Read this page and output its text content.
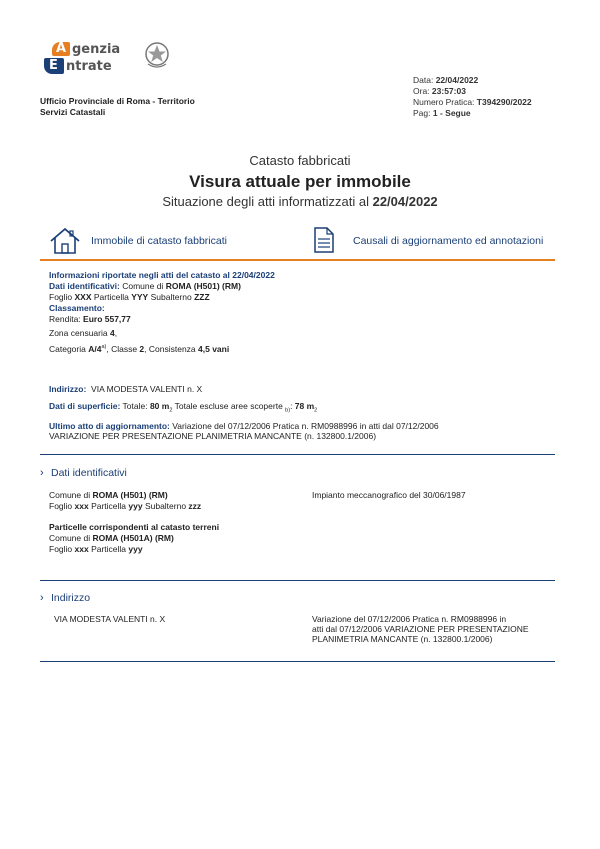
A genzia
E ntrate
Ufficio Provinciale di Roma - Territorio
Servizi Catastali
Data: 22/04/2022
Ora: 23:57:03
Numero Pratica: T394290/2022
Pag: 1 - Segue
Catasto fabbricati
Visura attuale per immobile
Situazione degli atti informatizzati al 22/04/2022
Immobile di catasto fabbricati	Causali di aggiornamento ed annotazioni
Informazioni riportate negli atti del catasto al 22/04/2022
Dati identificativi: Comune di ROMA (H501) (RM)
Foglio XXX Particella YYY Subalterno ZZZ
Classamento:
Rendita: Euro 557,77
Zona censuaria 4,
Categoria A/4$^{a)}$, Classe 2, Consistenza 4,5 vani
Indirizzo: VIA MODESTA VALENTI n. X
Dati di superficie: Totale: 80 $m_2$ Totale escluse aree scoperte $_{b)}$: 78 $m_2$
Ultimo atto di aggiornamento: Variazione del 07/12/2006 Pratica n. RM0988996 in atti dal 07/12/2006
VARIAZIONE PER PRESENTAZIONE PLANIMETRIA MANCANTE (n. 132800.1/2006)
› Dati identificativi
Comune di ROMA (H501) (RM)
Foglio xxx Particella yyy Subalterno zzz
Particelle corrispondenti al catasto terreni
Comune di ROMA (H501A) (RM)
Foglio xxx Particella yyy
Impianto meccanografico del 30/06/1987
› Indirizzo
VIA MODESTA VALENTI n. X	Variazione del 07/12/2006 Pratica n. RM0988996 in
atti dal 07/12/2006 VARIAZIONE PER PRESENTAZIONE
PLANIMETRIA MANCANTE (n. 132800.1/2006)
